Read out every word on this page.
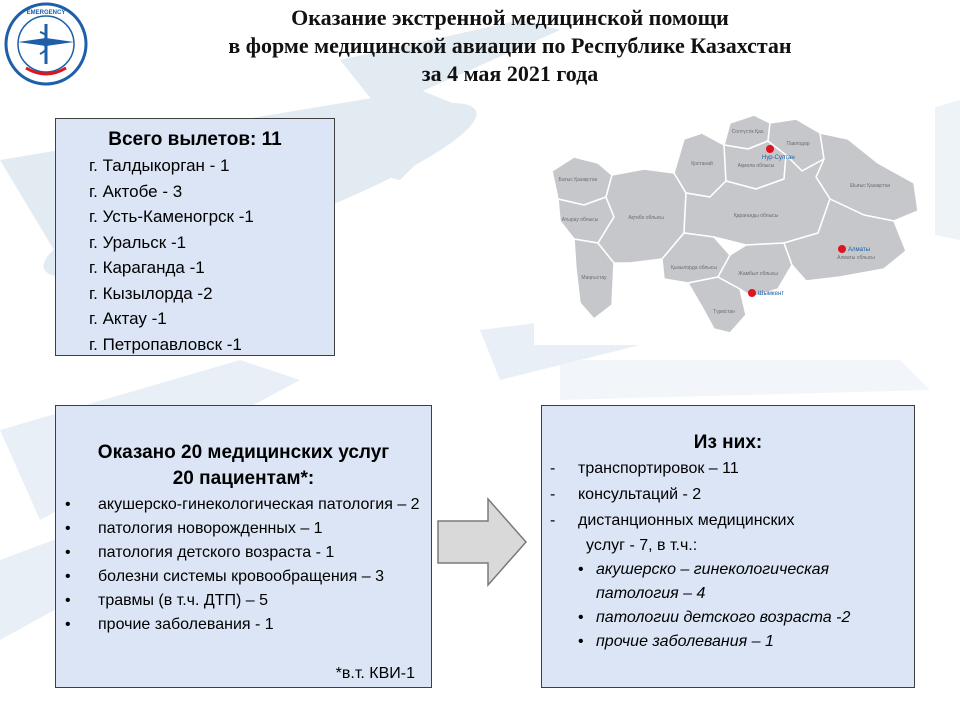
EMERGENCY	Оказание экстренной медицинской помощи
в форме медицинской авиации по Республике Казахстан
за 4 мая 2021 года
Всего вылетов: 11
г. Талдыкорган - 1
г. Актобе - 3
г. Усть-Каменогрск -1
г. Уральск -1
г. Караганда -1
г. Кызылорда -2
г. Актау -1
г. Петропавловск -1
Батыс Қазақстан
Атырау облысы
Маңғыстау
Ақтөбе облысы
Қостанай
Солтүстік Қаз.
Ақмола облысы
Павлодар
Шығыс Қазақстан
Қарағанды облысы
Қызылорда облысы
Жамбыл облысы
Түркістан
Алматы облысы
Нур-Султан
Алматы
Шымкент
Оказано 20 медицинских услуг
20 пациентам*:
• акушерско-гинекологическая патология – 2
• патология новорожденных – 1
• патология детского возраста - 1
• болезни системы кровообращения – 3
• травмы (в т.ч. ДТП) – 5
• прочие заболевания - 1
*в.т. КВИ-1
Из них:
- транспортировок – 11
- консультаций - 2
- дистанционных медицинских
услуг - 7, в т.ч.:
• акушерско – гинекологическая
патология – 4
• патологии детского возраста -2
• прочие заболевания – 1
